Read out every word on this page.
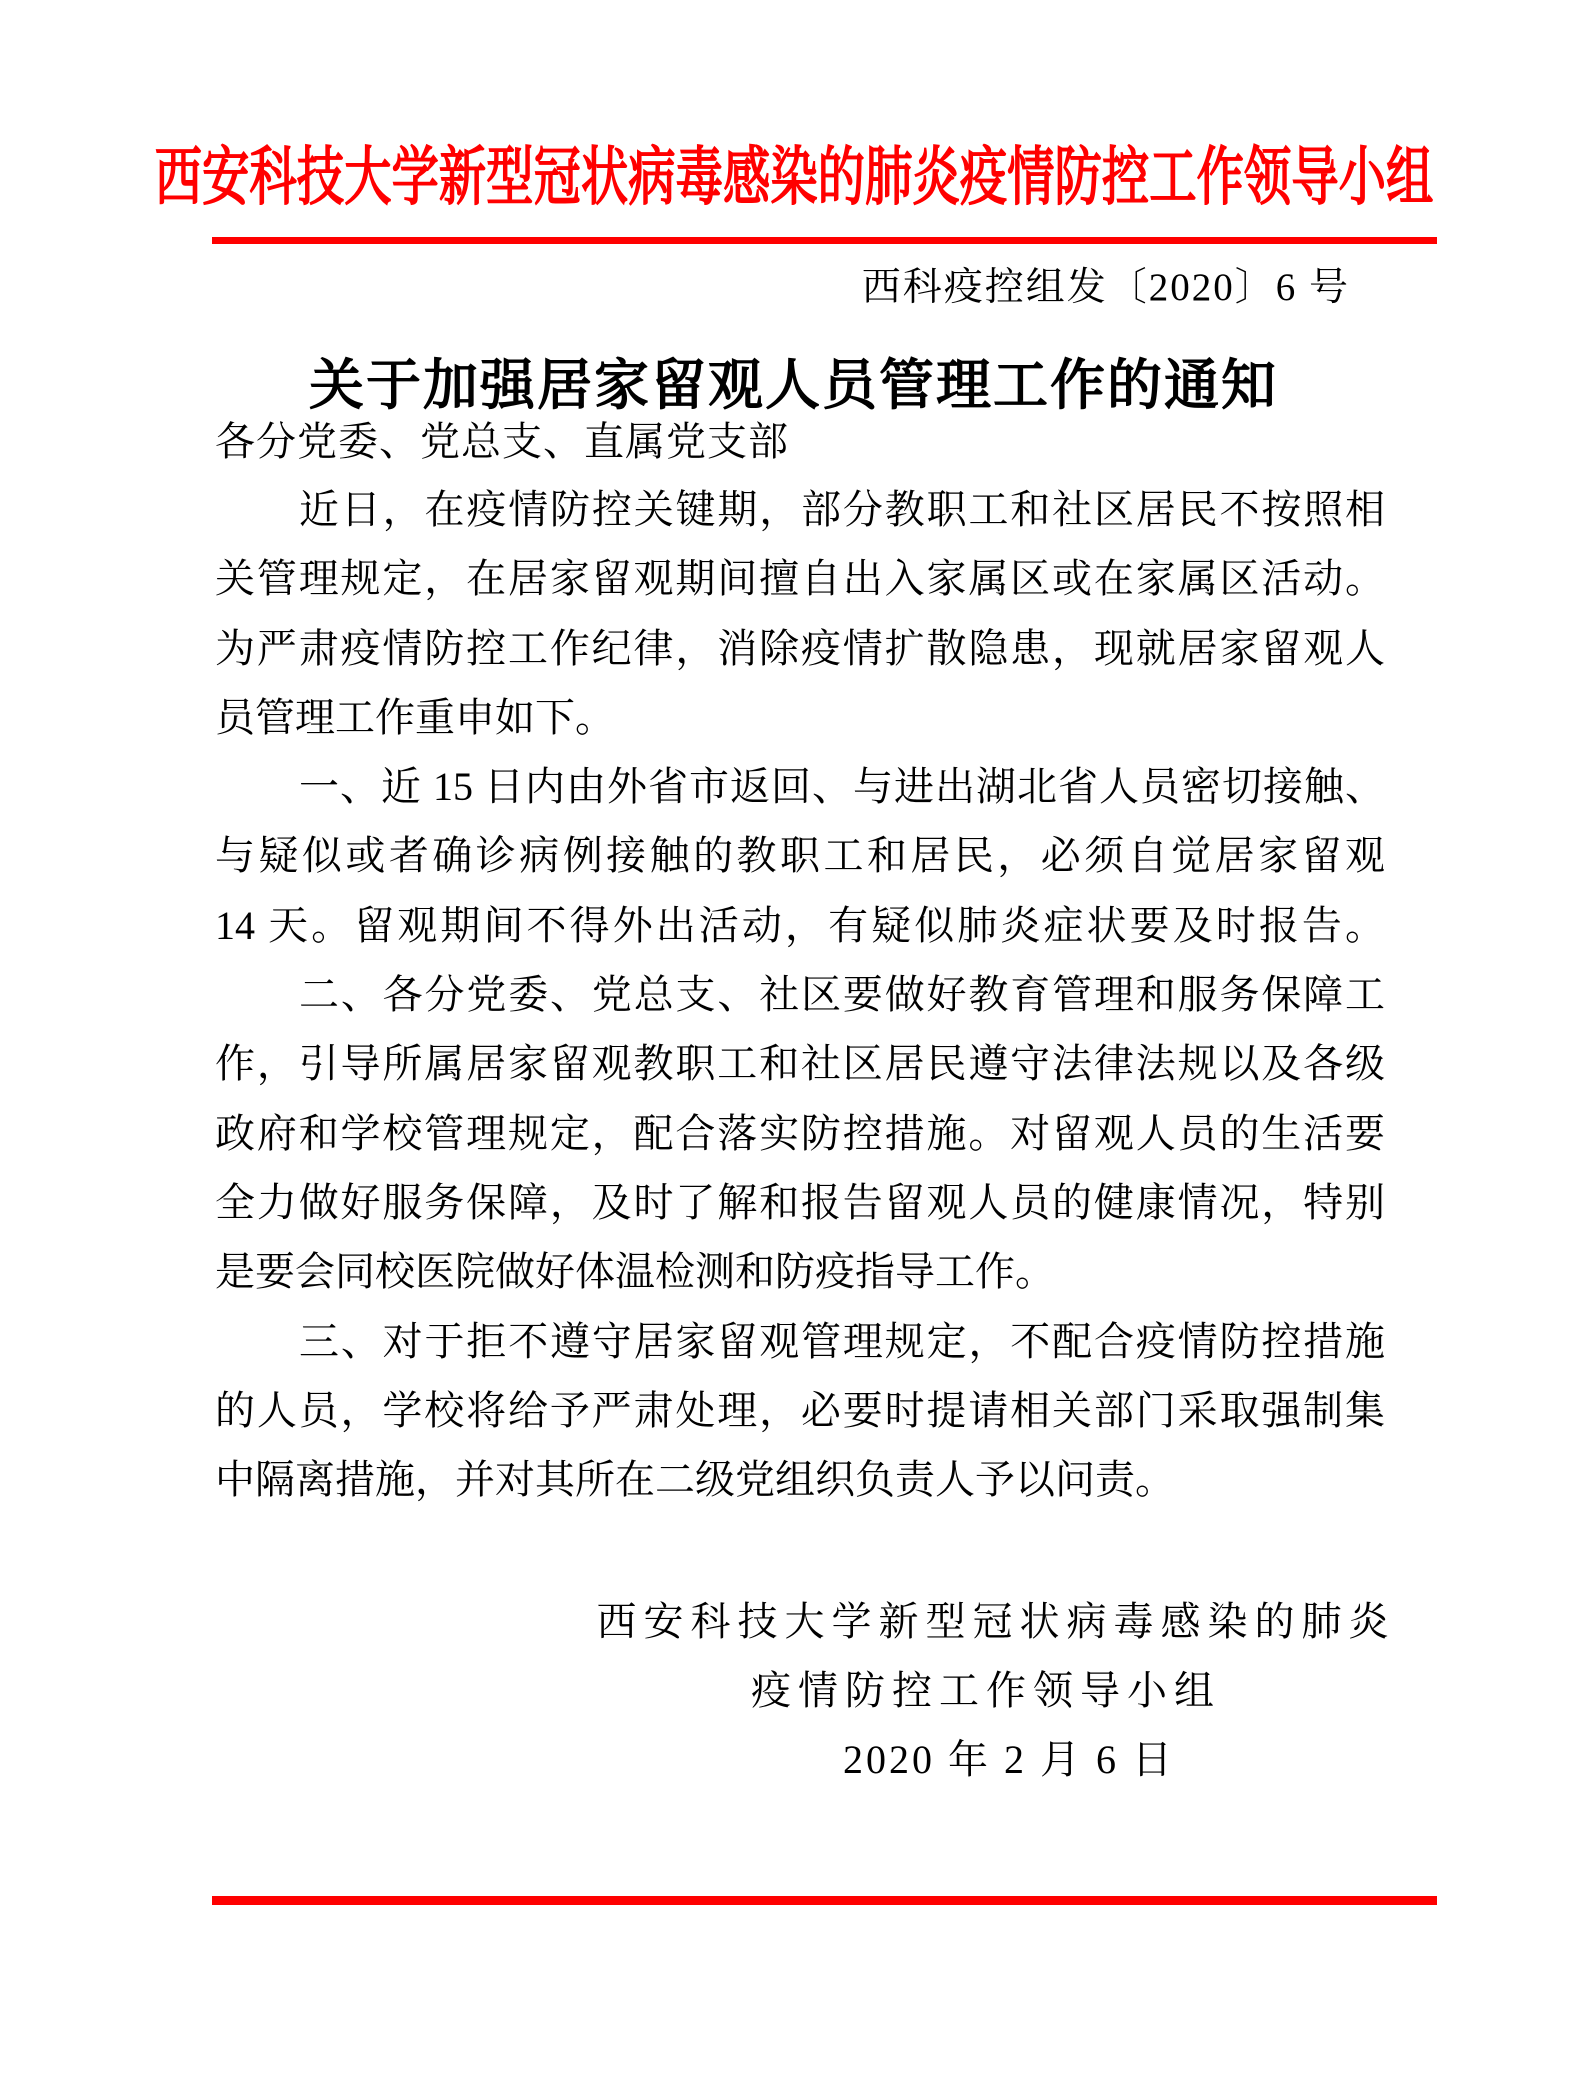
西安科技大学新型冠状病毒感染的肺炎疫情防控工作领导小组
西科疫控组发〔2020〕6 号
关于加强居家留观人员管理工作的通知
各分党委、党总支、直属党支部
近日，在疫情防控关键期，部分教职工和社区居民不按照相
关管理规定，在居家留观期间擅自出入家属区或在家属区活动。
为严肃疫情防控工作纪律，消除疫情扩散隐患，现就居家留观人
员管理工作重申如下。
一、近 15 日内由外省市返回、与进出湖北省人员密切接触、
与疑似或者确诊病例接触的教职工和居民，必须自觉居家留观
14 天。留观期间不得外出活动，有疑似肺炎症状要及时报告。
二、各分党委、党总支、社区要做好教育管理和服务保障工
作，引导所属居家留观教职工和社区居民遵守法律法规以及各级
政府和学校管理规定，配合落实防控措施。对留观人员的生活要
全力做好服务保障，及时了解和报告留观人员的健康情况，特别
是要会同校医院做好体温检测和防疫指导工作。
三、对于拒不遵守居家留观管理规定，不配合疫情防控措施
的人员，学校将给予严肃处理，必要时提请相关部门采取强制集
中隔离措施，并对其所在二级党组织负责人予以问责。
西安科技大学新型冠状病毒感染的肺炎
疫情防控工作领导小组
2020 年 2 月 6 日
